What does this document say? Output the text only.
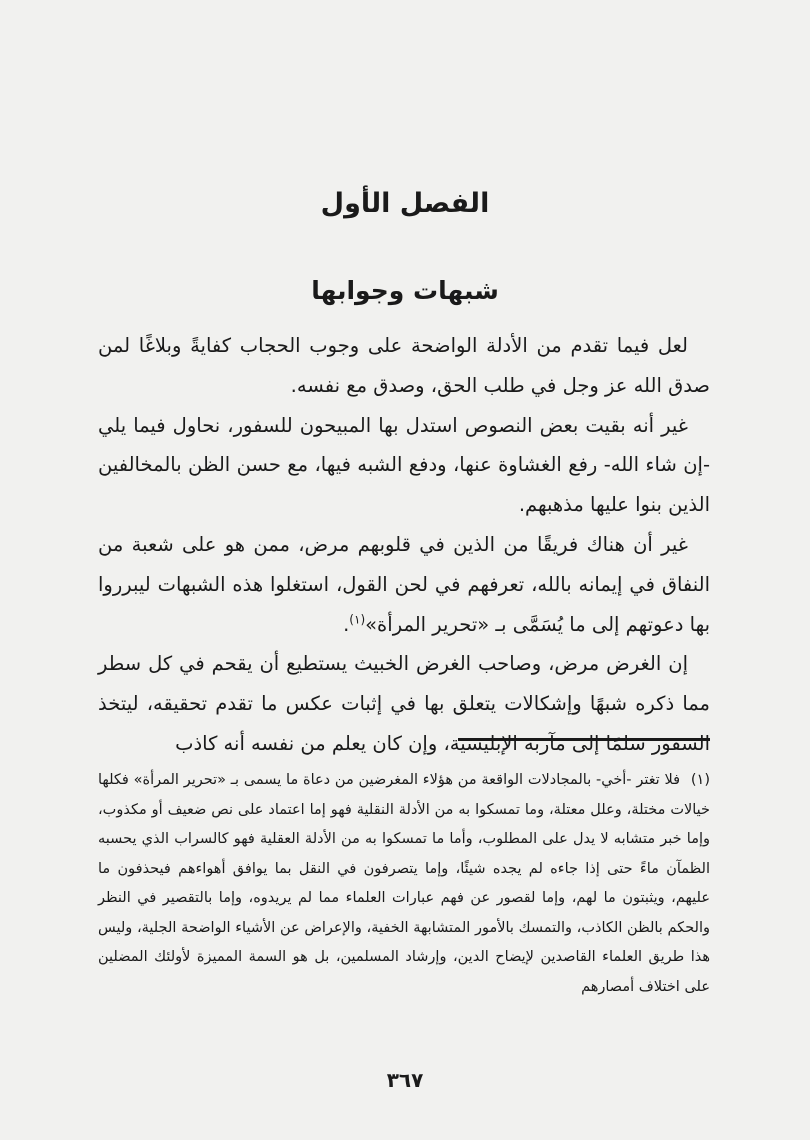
الفصل الأول
شبهات وجوابها

لعل فيما تقدم من الأدلة الواضحة على وجوب الحجاب كفايةً وبلاغًا لمن صدق الله عز وجل في طلب الحق، وصدق مع نفسه.

غير أنه بقيت بعض النصوص استدل بها المبيحون للسفور، نحاول فيما يلي -إن شاء الله- رفع الغشاوة عنها، ودفع الشبه فيها، مع حسن الظن بالمخالفين الذين بنوا عليها مذهبهم.

غير أن هناك فريقًا من الذين في قلوبهم مرض، ممن هو على شعبة من النفاق في إيمانه بالله، تعرفهم في لحن القول، استغلوا هذه الشبهات ليبرروا بها دعوتهم إلى ما يُسَمَّى بـ «تحرير المرأة»$^{(١)}$.

إن الغرض مرض، وصاحب الغرض الخبيث يستطيع أن يقحم في كل سطر مما ذكره شبهًا وإشكالات يتعلق بها في إثبات عكس ما تقدم تحقيقه، ليتخذ السفور سلمًا إلى مآربه الإبليسية، وإن كان يعلم من نفسه أنه كاذب

(١) فلا تغتر -أخي- بالمجادلات الواقعة من هؤلاء المغرضين من دعاة ما يسمى بـ «تحرير المرأة» فكلها خيالات مختلة، وعلل معتلة، وما تمسكوا به من الأدلة النقلية فهو إما اعتماد على نص ضعيف أو مكذوب، وإما خبر متشابه لا يدل على المطلوب، وأما ما تمسكوا به من الأدلة العقلية فهو كالسراب الذي يحسبه الظمآن ماءً حتى إذا جاءه لم يجده شيئًا، وإما يتصرفون في النقل بما يوافق أهواءهم فيحذفون ما عليهم، ويثبتون ما لهم، وإما لقصور عن فهم عبارات العلماء مما لم يريدوه، وإما بالتقصير في النظر والحكم بالظن الكاذب، والتمسك بالأمور المتشابهة الخفية، والإعراض عن الأشياء الواضحة الجلية، وليس هذا طريق العلماء القاصدين لإيضاح الدين، وإرشاد المسلمين، بل هو السمة المميزة لأولئك المضلين على اختلاف أمصارهم
٣٦٧
